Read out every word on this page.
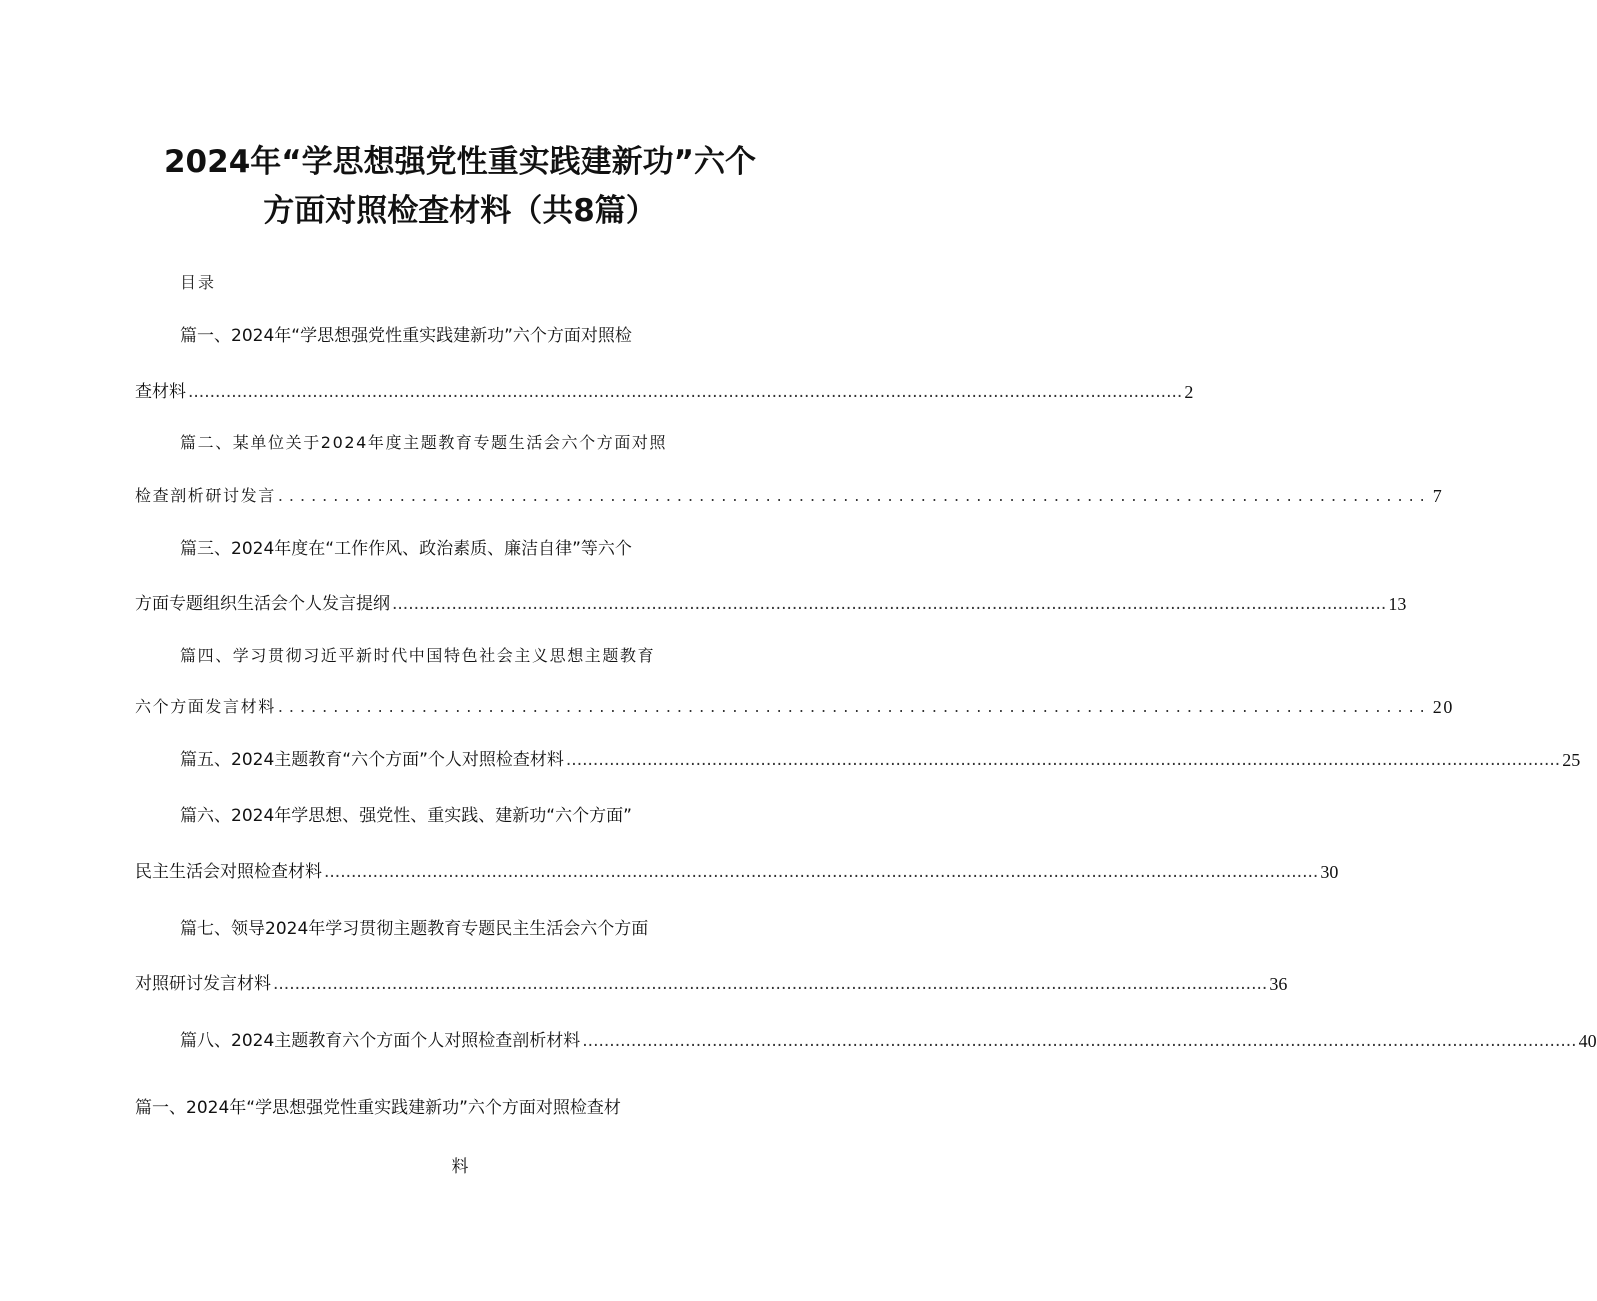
2024年“学思想强党性重实践建新功”六个
方面对照检查材料（共8篇）
目录
篇一、2024年“学思想强党性重实践建新功”六个方面对照检
查材料 ........................................................................................................................................................................................ 2
篇二、某单位关于2024年度主题教育专题生活会六个方面对照
检查剖析研讨发言 ........................................................................................................ 7
篇三、2024年度在“工作作风、政治素质、廉洁自律”等六个
方面专题组织生活会个人发言提纲 ........................................................................................................................................................................................ 13
篇四、学习贯彻习近平新时代中国特色社会主义思想主题教育
六个方面发言材料 ........................................................................................................ 20
篇五、2024主题教育“六个方面”个人对照检查材料 ........................................................................................................................................................................................ 25
篇六、2024年学思想、强党性、重实践、建新功“六个方面”
民主生活会对照检查材料 ........................................................................................................................................................................................ 30
篇七、领导2024年学习贯彻主题教育专题民主生活会六个方面
对照研讨发言材料 ........................................................................................................................................................................................ 36
篇八、2024主题教育六个方面个人对照检查剖析材料 ........................................................................................................................................................................................ 40
篇一、2024年“学思想强党性重实践建新功”六个方面对照检查材
料
